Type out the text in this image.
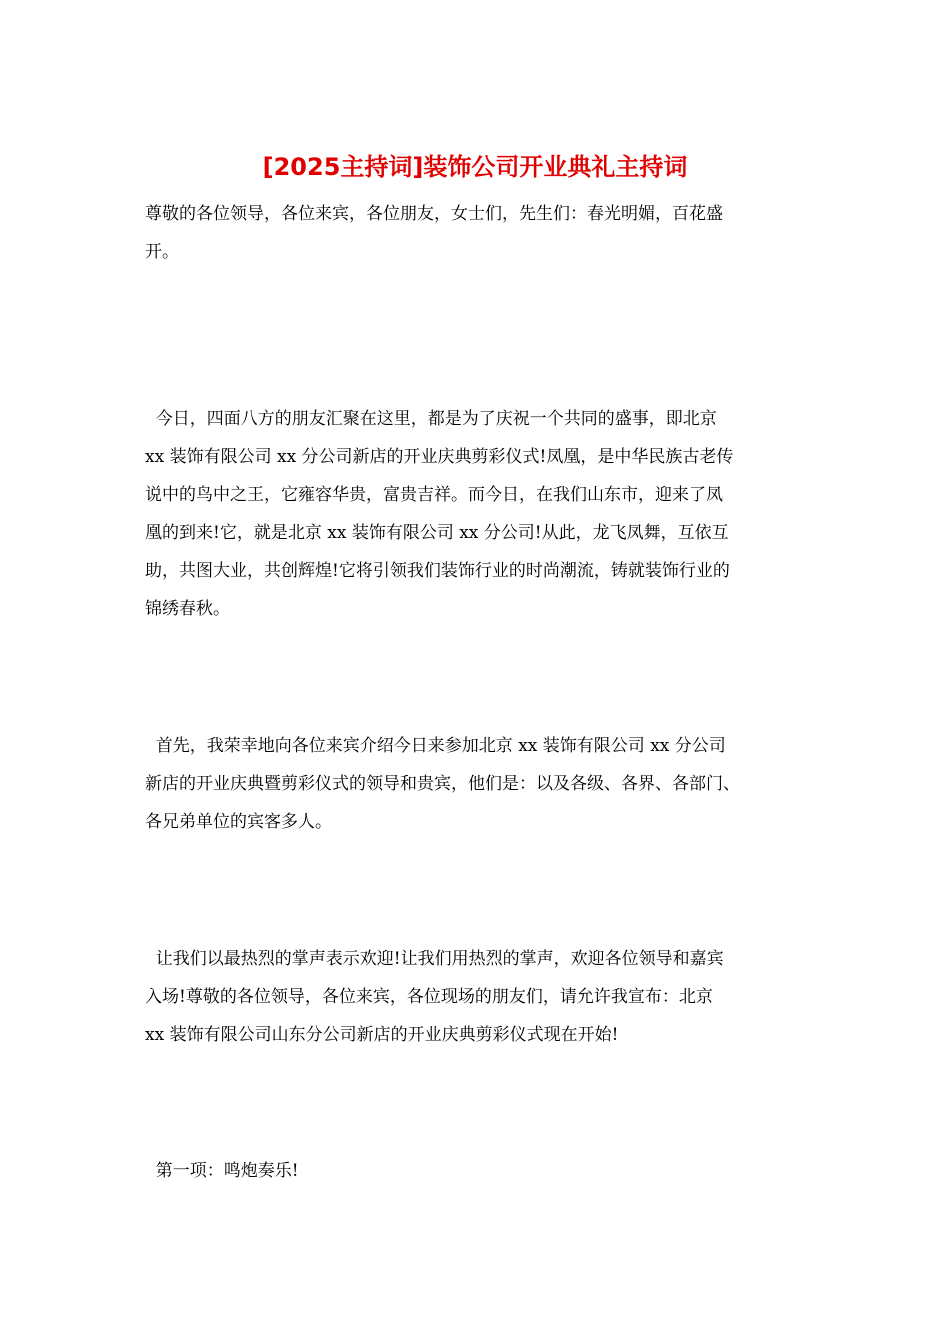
[2025主持词]装饰公司开业典礼主持词

尊敬的各位领导，各位来宾，各位朋友，女士们，先生们：春光明媚，百花盛
开。

今日，四面八方的朋友汇聚在这里，都是为了庆祝一个共同的盛事，即北京
xx 装饰有限公司 xx 分公司新店的开业庆典剪彩仪式!凤凰，是中华民族古老传
说中的鸟中之王，它雍容华贵，富贵吉祥。而今日，在我们山东市，迎来了凤
凰的到来!它，就是北京 xx 装饰有限公司 xx 分公司!从此，龙飞凤舞，互依互
助，共图大业，共创辉煌!它将引领我们装饰行业的时尚潮流，铸就装饰行业的
锦绣春秋。

首先，我荣幸地向各位来宾介绍今日来参加北京 xx 装饰有限公司 xx 分公司
新店的开业庆典暨剪彩仪式的领导和贵宾，他们是：以及各级、各界、各部门、
各兄弟单位的宾客多人。

让我们以最热烈的掌声表示欢迎!让我们用热烈的掌声，欢迎各位领导和嘉宾
入场!尊敬的各位领导，各位来宾，各位现场的朋友们，请允许我宣布：北京
xx 装饰有限公司山东分公司新店的开业庆典剪彩仪式现在开始!

第一项：鸣炮奏乐!
